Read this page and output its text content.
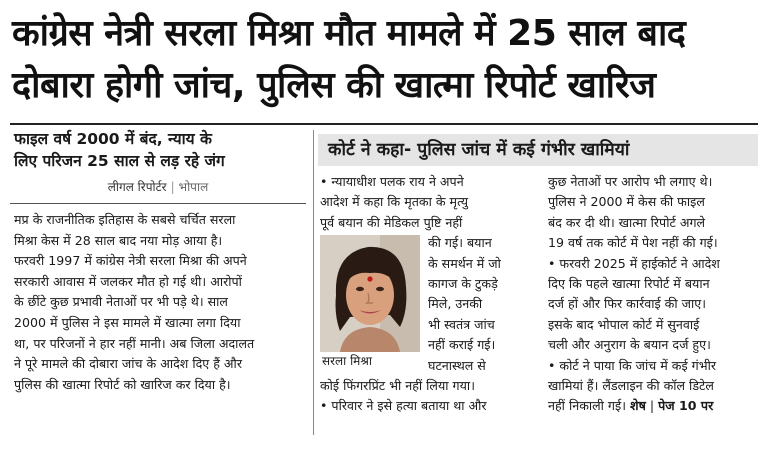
कांग्रेस नेत्री सरला मिश्रा मौत मामले में 25 साल बाद
दोबारा होगी जांच, पुलिस की खात्मा रिपोर्ट खारिज
फाइल वर्ष 2000 में बंद, न्याय के
लिए परिजन 25 साल से लड़ रहे जंग
लीगल रिपोर्टर | भोपाल
मप्र के राजनीतिक इतिहास के सबसे चर्चित सरला
मिश्रा केस में 28 साल बाद नया मोड़ आया है।
फरवरी 1997 में कांग्रेस नेत्री सरला मिश्रा की अपने
सरकारी आवास में जलकर मौत हो गई थी। आरोपों
के छींटे कुछ प्रभावी नेताओं पर भी पड़े थे। साल
2000 में पुलिस ने इस मामले में खात्मा लगा दिया
था, पर परिजनों ने हार नहीं मानी। अब जिला अदालत
ने पूरे मामले की दोबारा जांच के आदेश दिए हैं और
पुलिस की खात्मा रिपोर्ट को खारिज कर दिया है।
कोर्ट ने कहा- पुलिस जांच में कई गंभीर खामियां
• न्यायाधीश पलक राय ने अपने
आदेश में कहा कि मृतका के मृत्यु
पूर्व बयान की मेडिकल पुष्टि नहीं
सरला मिश्रा
की गई। बयान
के समर्थन में जो
कागज के टुकड़े
मिले, उनकी
भी स्वतंत्र जांच
नहीं कराई गई।
घटनास्थल से
कोई फिंगरप्रिंट भी नहीं लिया गया।
• परिवार ने इसे हत्या बताया था और
कुछ नेताओं पर आरोप भी लगाए थे।
पुलिस ने 2000 में केस की फाइल
बंद कर दी थी। खात्मा रिपोर्ट अगले
19 वर्ष तक कोर्ट में पेश नहीं की गई।
• फरवरी 2025 में हाईकोर्ट ने आदेश
दिए कि पहले खात्मा रिपोर्ट में बयान
दर्ज हों और फिर कार्रवाई की जाए।
इसके बाद भोपाल कोर्ट में सुनवाई
चली और अनुराग के बयान दर्ज हुए।
• कोर्ट ने पाया कि जांच में कई गंभीर
खामियां हैं। लैंडलाइन की कॉल डिटेल
नहीं निकाली गई। शेष | पेज 10 पर
